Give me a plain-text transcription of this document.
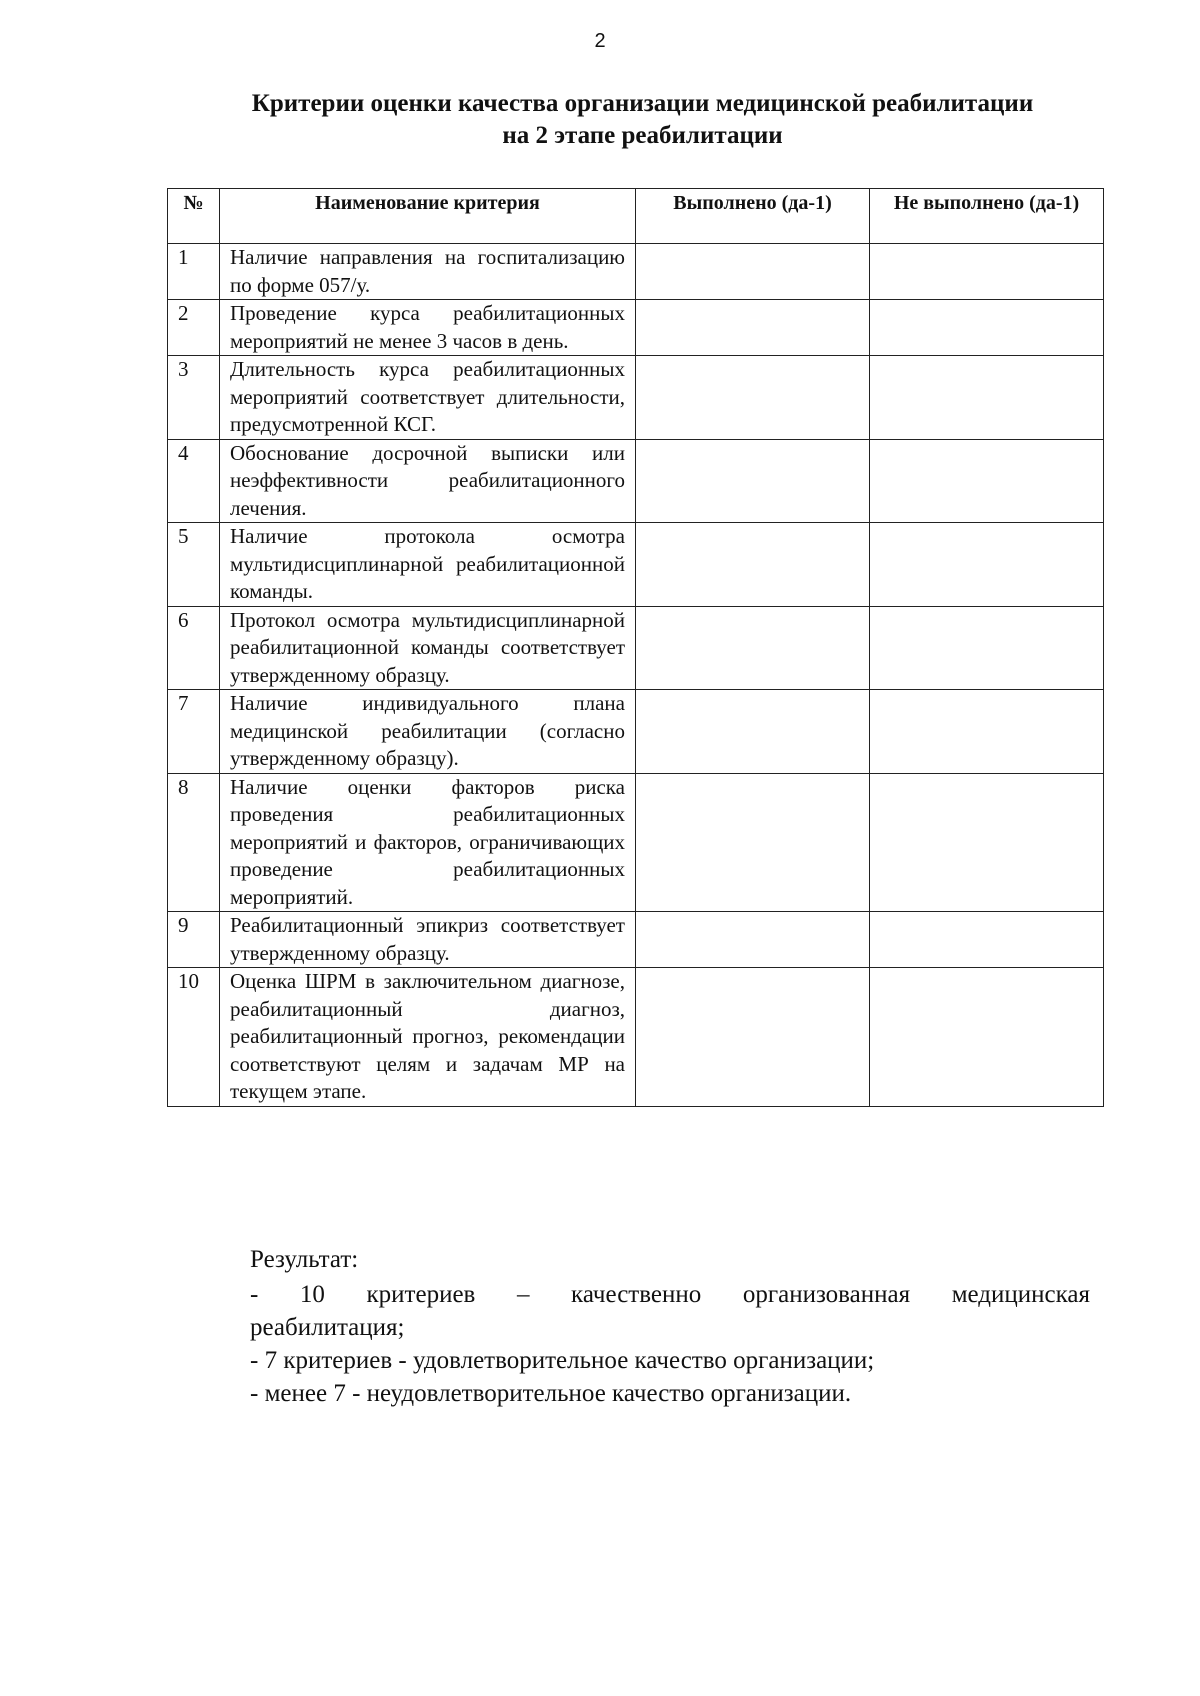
2
Критерии оценки качества организации медицинской реабилитации
на 2 этапе реабилитации
№	Наименование критерия	Выполнено (да-1)	Не выполнено (да-1)
1	Наличие направления на госпитализацию по форме 057/у.		
2	Проведение курса реабилитационных мероприятий не менее 3 часов в день.		
3	Длительность курса реабилитационных мероприятий соответствует длительности, предусмотренной КСГ.		
4	Обоснование досрочной выписки или неэффективности реабилитационного лечения.		
5	Наличие протокола осмотра мультидисциплинарной реабилитационной команды.		
6	Протокол осмотра мультидисциплинарной реабилитационной команды соответствует утвержденному образцу.		
7	Наличие индивидуального плана медицинской реабилитации (согласно утвержденному образцу).		
8	Наличие оценки факторов риска проведения реабилитационных мероприятий и факторов, ограничивающих проведение реабилитационных мероприятий.		
9	Реабилитационный эпикриз соответствует утвержденному образцу.		
10	Оценка ШРМ в заключительном диагнозе, реабилитационный диагноз, реабилитационный прогноз, рекомендации соответствуют целям и задачам МР на текущем этапе.		

Результат:

- 10 критериев – качественно организованная медицинская реабилитация;

- 7 критериев - удовлетворительное качество организации;

- менее 7 - неудовлетворительное качество организации.
